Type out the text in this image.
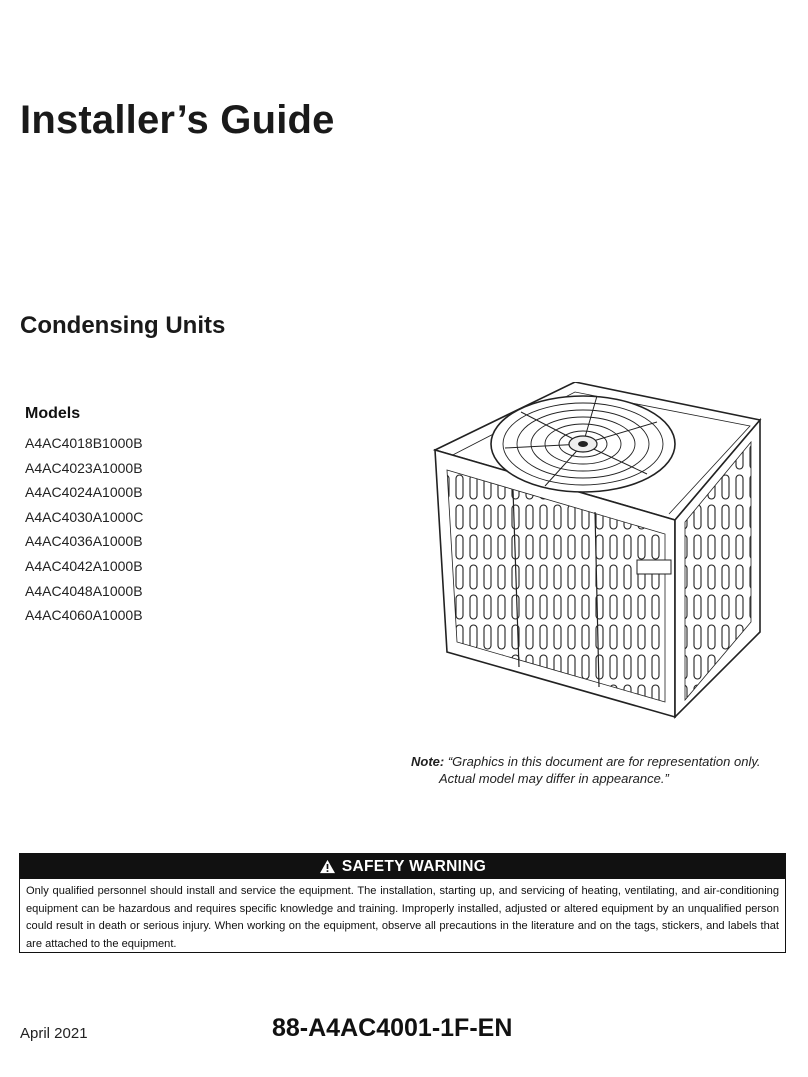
Installer’s Guide
Condensing Units
Models
A4AC4018B1000B
A4AC4023A1000B
A4AC4024A1000B
A4AC4030A1000C
A4AC4036A1000B
A4AC4042A1000B
A4AC4048A1000B
A4AC4060A1000B
Note: “Graphics in this document are for representation only.
Actual model may differ in appearance.”
SAFETY WARNING
Only qualified personnel should install and service the equipment. The installation, starting up, and servicing of heating, ventilating, and air-conditioning equipment can be hazardous and requires specific knowledge and training. Improperly installed, adjusted or altered equipment by an unqualified person could result in death or serious injury. When working on the equipment, observe all precautions in the literature and on the tags, stickers, and labels that are attached to the equipment.
April 2021	88-A4AC4001-1F-EN
